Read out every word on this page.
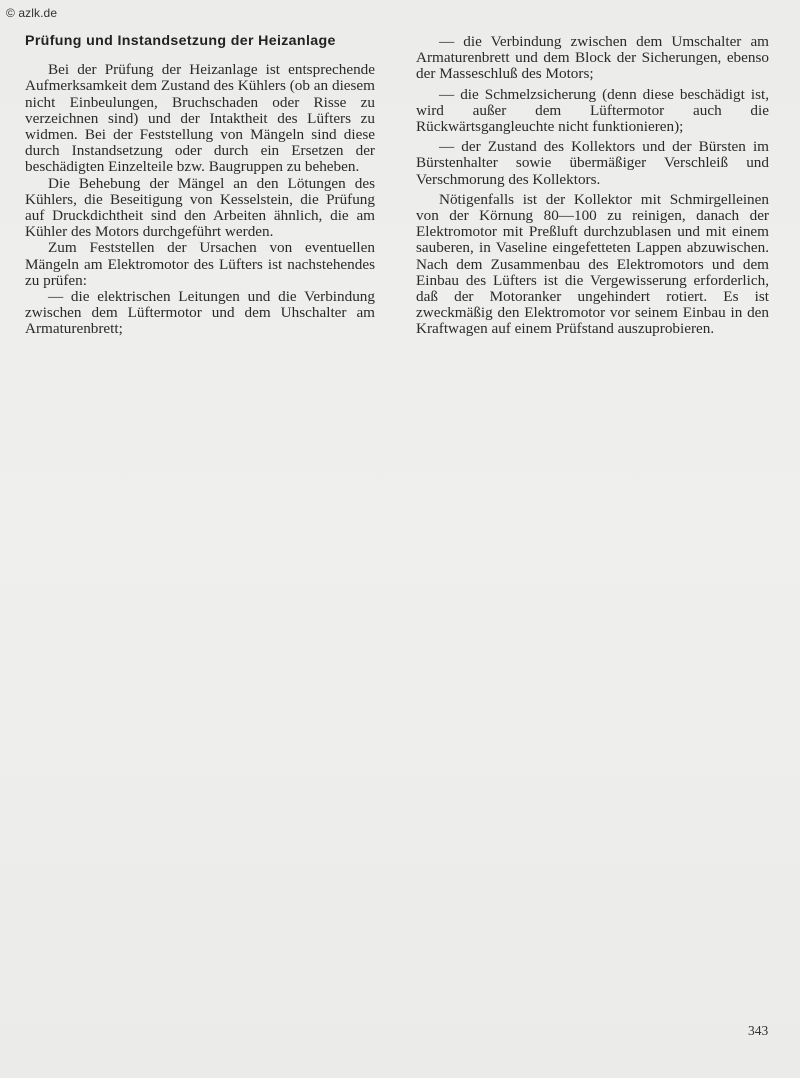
© azlk.de
Prüfung und Instandsetzung der Heizanlage

Bei der Prüfung der Heizanlage ist entsprechende Aufmerksamkeit dem Zustand des Kühlers (ob an diesem nicht Einbeulungen, Bruchschaden oder Risse zu verzeichnen sind) und der Intaktheit des Lüfters zu widmen. Bei der Feststellung von Mängeln sind diese durch Instandsetzung oder durch ein Ersetzen der beschädigten Einzelteile bzw. Baugruppen zu beheben.

Die Behebung der Mängel an den Lötungen des Kühlers, die Beseitigung von Kesselstein, die Prüfung auf Druckdichtheit sind den Arbeiten ähnlich, die am Kühler des Motors durchgeführt werden.

Zum Feststellen der Ursachen von eventuellen Mängeln am Elektromotor des Lüfters ist nachstehendes zu prüfen:

— die elektrischen Leitungen und die Verbindung zwischen dem Lüftermotor und dem Uhschalter am Armaturenbrett;

— die Verbindung zwischen dem Umschalter am Armaturenbrett und dem Block der Sicherungen, ebenso der Masseschluß des Motors;

— die Schmelzsicherung (denn diese beschädigt ist, wird außer dem Lüftermotor auch die Rückwärtsgangleuchte nicht funktionieren);

— der Zustand des Kollektors und der Bürsten im Bürstenhalter sowie übermäßiger Verschleiß und Verschmorung des Kollektors.

Nötigenfalls ist der Kollektor mit Schmirgelleinen von der Körnung 80—100 zu reinigen, danach der Elektromotor mit Preßluft durchzublasen und mit einem sauberen, in Vaseline eingefetteten Lappen abzuwischen. Nach dem Zusammenbau des Elektromotors und dem Einbau des Lüfters ist die Vergewisserung erforderlich, daß der Motoranker ungehindert rotiert. Es ist zweckmäßig den Elektromotor vor seinem Einbau in den Kraftwagen auf einem Prüfstand auszuprobieren.

343
